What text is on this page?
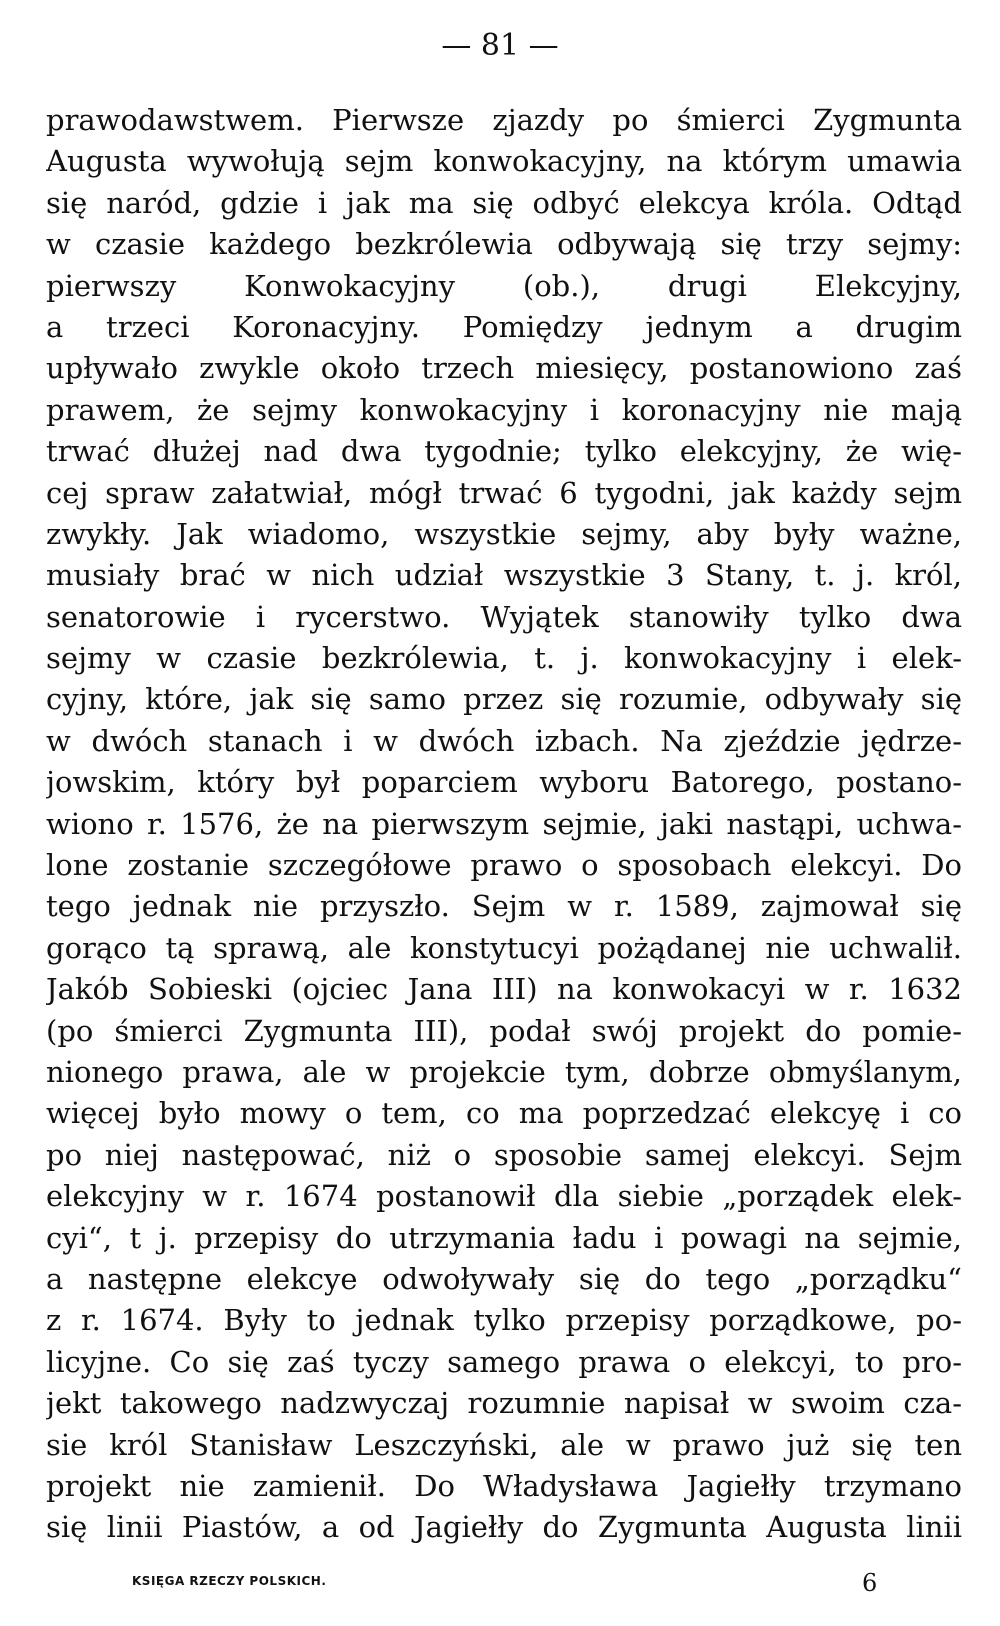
— 81 —
prawodawstwem. Pierwsze zjazdy po śmierci Zygmunta
Augusta wywołują sejm konwokacyjny, na którym umawia
się naród, gdzie i jak ma się odbyć elekcya króla. Odtąd
w czasie każdego bezkrólewia odbywają się trzy sejmy:
pierwszy Konwokacyjny (ob.), drugi Elekcyjny,
a trzeci Koronacyjny. Pomiędzy jednym a drugim
upływało zwykle około trzech miesięcy, postanowiono zaś
prawem, że sejmy konwokacyjny i koronacyjny nie mają
trwać dłużej nad dwa tygodnie; tylko elekcyjny, że wię-
cej spraw załatwiał, mógł trwać 6 tygodni, jak każdy sejm
zwykły. Jak wiadomo, wszystkie sejmy, aby były ważne,
musiały brać w nich udział wszystkie 3 Stany, t. j. król,
senatorowie i rycerstwo. Wyjątek stanowiły tylko dwa
sejmy w czasie bezkrólewia, t. j. konwokacyjny i elek-
cyjny, które, jak się samo przez się rozumie, odbywały się
w dwóch stanach i w dwóch izbach. Na zjeździe jędrze-
jowskim, który był poparciem wyboru Batorego, postano-
wiono r. 1576, że na pierwszym sejmie, jaki nastąpi, uchwa-
lone zostanie szczegółowe prawo o sposobach elekcyi. Do
tego jednak nie przyszło. Sejm w r. 1589, zajmował się
gorąco tą sprawą, ale konstytucyi pożądanej nie uchwalił.
Jakób Sobieski (ojciec Jana III) na konwokacyi w r. 1632
(po śmierci Zygmunta III), podał swój projekt do pomie-
nionego prawa, ale w projekcie tym, dobrze obmyślanym,
więcej było mowy o tem, co ma poprzedzać elekcyę i co
po niej następować, niż o sposobie samej elekcyi. Sejm
elekcyjny w r. 1674 postanowił dla siebie „porządek elek-
cyi“, t j. przepisy do utrzymania ładu i powagi na sejmie,
a następne elekcye odwoływały się do tego „porządku“
z r. 1674. Były to jednak tylko przepisy porządkowe, po-
licyjne. Co się zaś tyczy samego prawa o elekcyi, to pro-
jekt takowego nadzwyczaj rozumnie napisał w swoim cza-
sie król Stanisław Leszczyński, ale w prawo już się ten
projekt nie zamienił. Do Władysława Jagiełły trzymano
się linii Piastów, a od Jagiełły do Zygmunta Augusta linii
KSIĘGA RZECZY POLSKICH.	6
